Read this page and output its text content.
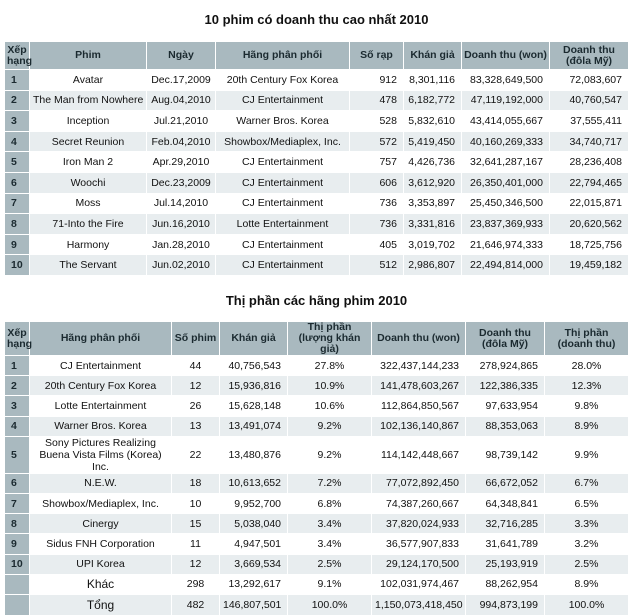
10 phim có doanh thu cao nhất 2010
Xếp hạng	Phim	Ngày	Hãng phân phối	Số rạp	Khán giả	Doanh thu (won)	Doanh thu (đôla Mỹ)
1	Avatar	Dec.17,2009	20th Century Fox Korea	912	8,301,116	83,328,649,500	72,083,607
2	The Man from Nowhere	Aug.04,2010	CJ Entertainment	478	6,182,772	47,119,192,000	40,760,547
3	Inception	Jul.21,2010	Warner Bros. Korea	528	5,832,610	43,414,055,667	37,555,411
4	Secret Reunion	Feb.04,2010	Showbox/Mediaplex, Inc.	572	5,419,450	40,160,269,333	34,740,717
5	Iron Man 2	Apr.29,2010	CJ Entertainment	757	4,426,736	32,641,287,167	28,236,408
6	Woochi	Dec.23,2009	CJ Entertainment	606	3,612,920	26,350,401,000	22,794,465
7	Moss	Jul.14,2010	CJ Entertainment	736	3,353,897	25,450,346,500	22,015,871
8	71-Into the Fire	Jun.16,2010	Lotte Entertainment	736	3,331,816	23,837,369,933	20,620,562
9	Harmony	Jan.28,2010	CJ Entertainment	405	3,019,702	21,646,974,333	18,725,756
10	The Servant	Jun.02,2010	CJ Entertainment	512	2,986,807	22,494,814,000	19,459,182
Thị phần các hãng phim 2010
Xếp hạng	Hãng phân phối	Số phim	Khán giả	Thị phần (lượng khán giả)	Doanh thu (won)	Doanh thu (đôla Mỹ)	Thị phần (doanh thu)
1	CJ Entertainment	44	40,756,543	27.8%	322,437,144,233	278,924,865	28.0%
2	20th Century Fox Korea	12	15,936,816	10.9%	141,478,603,267	122,386,335	12.3%
3	Lotte Entertainment	26	15,628,148	10.6%	112,864,850,567	97,633,954	9.8%
4	Warner Bros. Korea	13	13,491,074	9.2%	102,136,140,867	88,353,063	8.9%
5	Sony Pictures Realizing Buena Vista Films (Korea) Inc.	22	13,480,876	9.2%	114,142,448,667	98,739,142	9.9%
6	N.E.W.	18	10,613,652	7.2%	77,072,892,450	66,672,052	6.7%
7	Showbox/Mediaplex, Inc.	10	9,952,700	6.8%	74,387,260,667	64,348,841	6.5%
8	Cinergy	15	5,038,040	3.4%	37,820,024,933	32,716,285	3.3%
9	Sidus FNH Corporation	11	4,947,501	3.4%	36,577,907,833	31,641,789	3.2%
10	UPI Korea	12	3,669,534	2.5%	29,124,170,500	25,193,919	2.5%
	Khác	298	13,292,617	9.1%	102,031,974,467	88,262,954	8.9%
	Tổng	482	146,807,501	100.0%	1,150,073,418,450	994,873,199	100.0%
